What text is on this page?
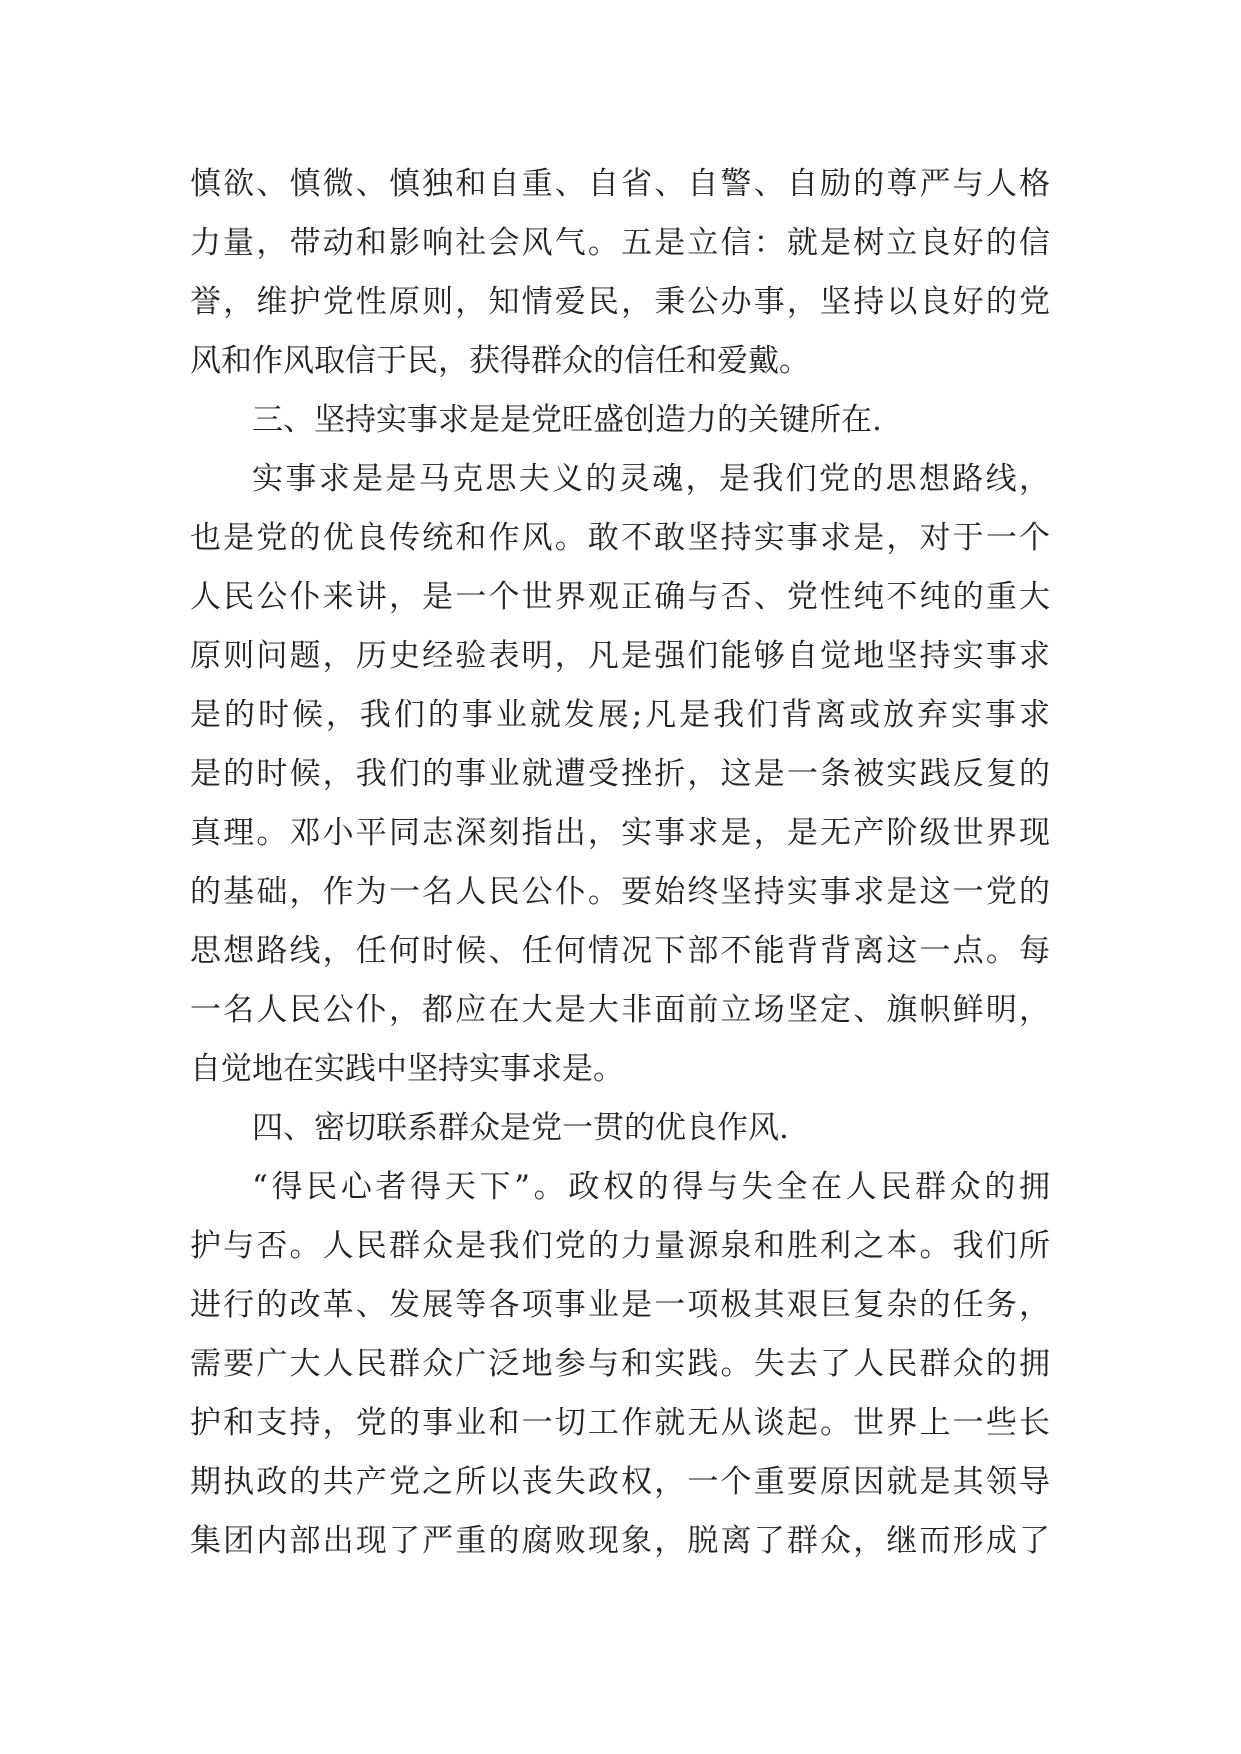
慎欲、慎微、慎独和自重、自省、自警、自励的尊严与人格
力量，带动和影响社会风气。五是立信：就是树立良好的信
誉，维护党性原则，知情爱民，秉公办事，坚持以良好的党
风和作风取信于民，获得群众的信任和爱戴。
三、坚持实事求是是党旺盛创造力的关键所在.
实事求是是马克思夫义的灵魂，是我们党的思想路线，
也是党的优良传统和作风。敢不敢坚持实事求是，对于一个
人民公仆来讲，是一个世界观正确与否、党性纯不纯的重大
原则问题，历史经验表明，凡是强们能够自觉地坚持实事求
是的时候，我们的事业就发展;凡是我们背离或放弃实事求
是的时候，我们的事业就遭受挫折，这是一条被实践反复的
真理。邓小平同志深刻指出，实事求是，是无产阶级世界现
的基础，作为一名人民公仆。要始终坚持实事求是这一党的
思想路线，任何时候、任何情况下部不能背背离这一点。每
一名人民公仆，都应在大是大非面前立场坚定、旗帜鲜明，
自觉地在实践中坚持实事求是。
四、密切联系群众是党一贯的优良作风.
“得民心者得天下”。政权的得与失全在人民群众的拥
护与否。人民群众是我们党的力量源泉和胜利之本。我们所
进行的改革、发展等各项事业是一项极其艰巨复杂的任务，
需要广大人民群众广泛地参与和实践。失去了人民群众的拥
护和支持，党的事业和一切工作就无从谈起。世界上一些长
期执政的共产党之所以丧失政权，一个重要原因就是其领导
集团内部出现了严重的腐败现象，脱离了群众，继而形成了
